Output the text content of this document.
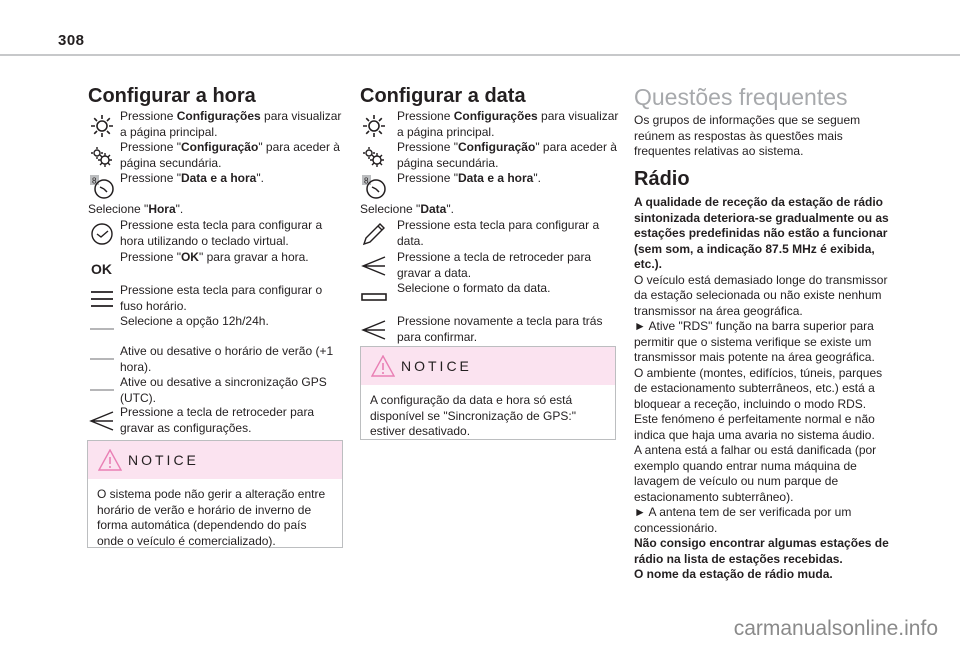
308
Configurar a hora
Pressione Configurações para visualizar a página principal.
Pressione "Configuração" para aceder à página secundária.
8 Pressione "Data e a hora".
Selecione "Hora".
Pressione esta tecla para configurar a hora utilizando o teclado virtual.
OK
Pressione "OK" para gravar a hora.
Pressione esta tecla para configurar o fuso horário.
Selecione a opção 12h/24h.
Ative ou desative o horário de verão (+1 hora).
Ative ou desative a sincronização GPS (UTC).
Pressione a tecla de retroceder para gravar as configurações.
NOTICE
O sistema pode não gerir a alteração entre horário de verão e horário de inverno de forma automática (dependendo do país onde o veículo é comercializado).
Configurar a data
Pressione Configurações para visualizar a página principal.
Pressione "Configuração" para aceder à página secundária.
8 Pressione "Data e a hora".
Selecione "Data".
Pressione esta tecla para configurar a data.
Pressione a tecla de retroceder para gravar a data.
Selecione o formato da data.
Pressione novamente a tecla para trás para confirmar.
NOTICE
A configuração da data e hora só está disponível se "Sincronização de GPS:" estiver desativado.
Questões frequentes
Os grupos de informações que se seguem reúnem as respostas às questões mais frequentes relativas ao sistema.
Rádio
A qualidade de receção da estação de rádio sintonizada deteriora-se gradualmente ou as estações predefinidas não estão a funcionar (sem som, a indicação 87.5 MHz é exibida, etc.).
O veículo está demasiado longe do transmissor da estação selecionada ou não existe nenhum transmissor na área geográfica.
► Ative "RDS" função na barra superior para permitir que o sistema verifique se existe um transmissor mais potente na área geográfica.
O ambiente (montes, edifícios, túneis, parques de estacionamento subterrâneos, etc.) está a bloquear a receção, incluindo o modo RDS. Este fenómeno é perfeitamente normal e não indica que haja uma avaria no sistema áudio.
A antena está a falhar ou está danificada (por exemplo quando entrar numa máquina de lavagem de veículo ou num parque de estacionamento subterrâneo).
► A antena tem de ser verificada por um concessionário.
Não consigo encontrar algumas estações de rádio na lista de estações recebidas.
O nome da estação de rádio muda.
carmanualsonline.info
